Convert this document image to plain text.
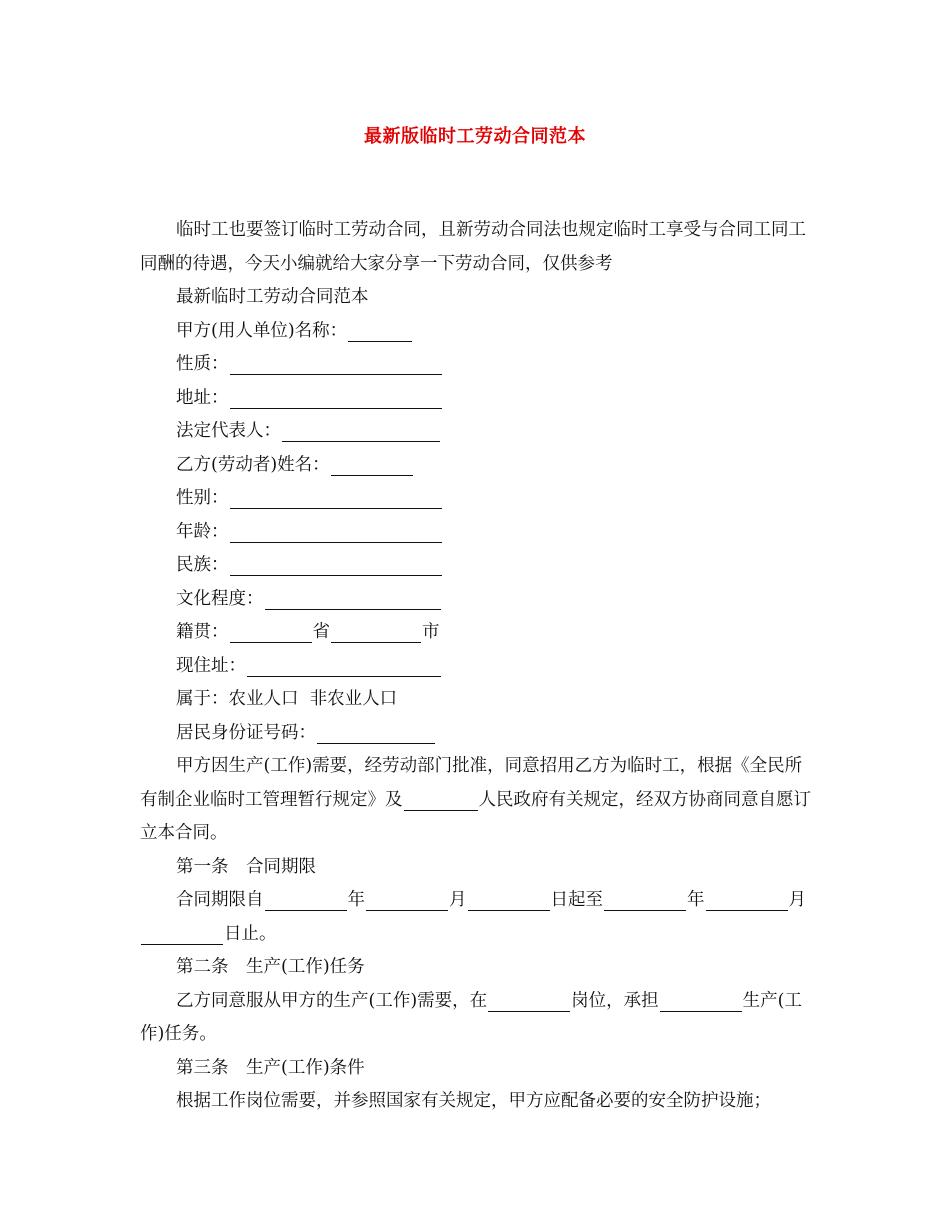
最新版临时工劳动合同范本

临时工也要签订临时工劳动合同，且新劳动合同法也规定临时工享受与合同工同工同酬的待遇，今天小编就给大家分享一下劳动合同，仅供参考

最新临时工劳动合同范本

甲方(用人单位)名称：

性质：

地址：

法定代表人：

乙方(劳动者)姓名：

性别：

年龄：

民族：

文化程度：

籍贯：	省	市

现住址：

属于：农业人口  非农业人口

居民身份证号码：

甲方因生产(工作)需要，经劳动部门批准，同意招用乙方为临时工，根据《全民所有制企业临时工管理暂行规定》及	人民政府有关规定，经双方协商同意自愿订立本合同。

第一条　合同期限

合同期限自	年	月	日起至	年	月日止。

第二条　生产(工作)任务

乙方同意服从甲方的生产(工作)需要，在	岗位，承担	生产(工作)任务。

第三条　生产(工作)条件

根据工作岗位需要，并参照国家有关规定，甲方应配备必要的安全防护设施；
